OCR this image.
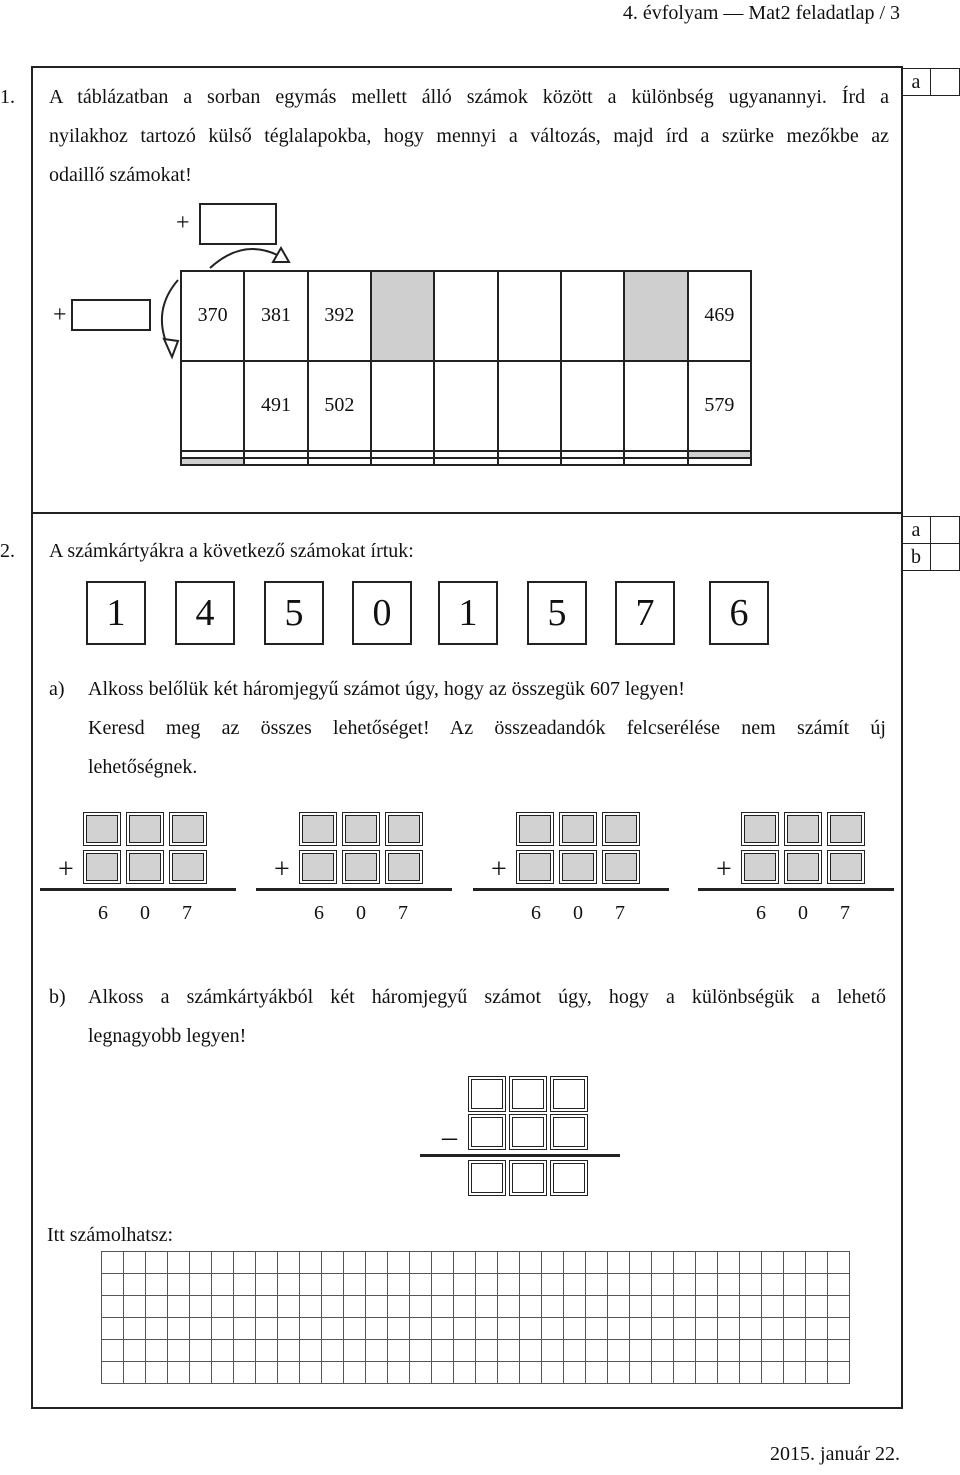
4. évfolyam — Mat2 feladatlap / 3
1. A táblázatban a sorban egymás mellett álló számok között a különbség ugyanannyi. Írd a
nyilakhoz tartozó külső téglalapokba, hogy mennyi a változás, majd írd a szürke mezőkbe az
odaillő számokat!
a	
+
+	370	381	392						469
	491	502						579

2. A számkártyákra a következő számokat írtuk:
a	
b	
1	4	5	0	1	5	7	6
a) Alkoss belőlük két háromjegyű számot úgy, hogy az összegük 607 legyen!
Keresd meg az összes lehetőséget! Az összeadandók felcserélése nem számít új
lehetőségnek.
+
6 0 7
+
6 0 7
+
6 0 7
+
6 0 7
b) Alkoss a számkártyákból két háromjegyű számot úgy, hogy a különbségük a lehető
legnagyobb legyen!
–
Itt számolhatsz:

2015. január 22.
